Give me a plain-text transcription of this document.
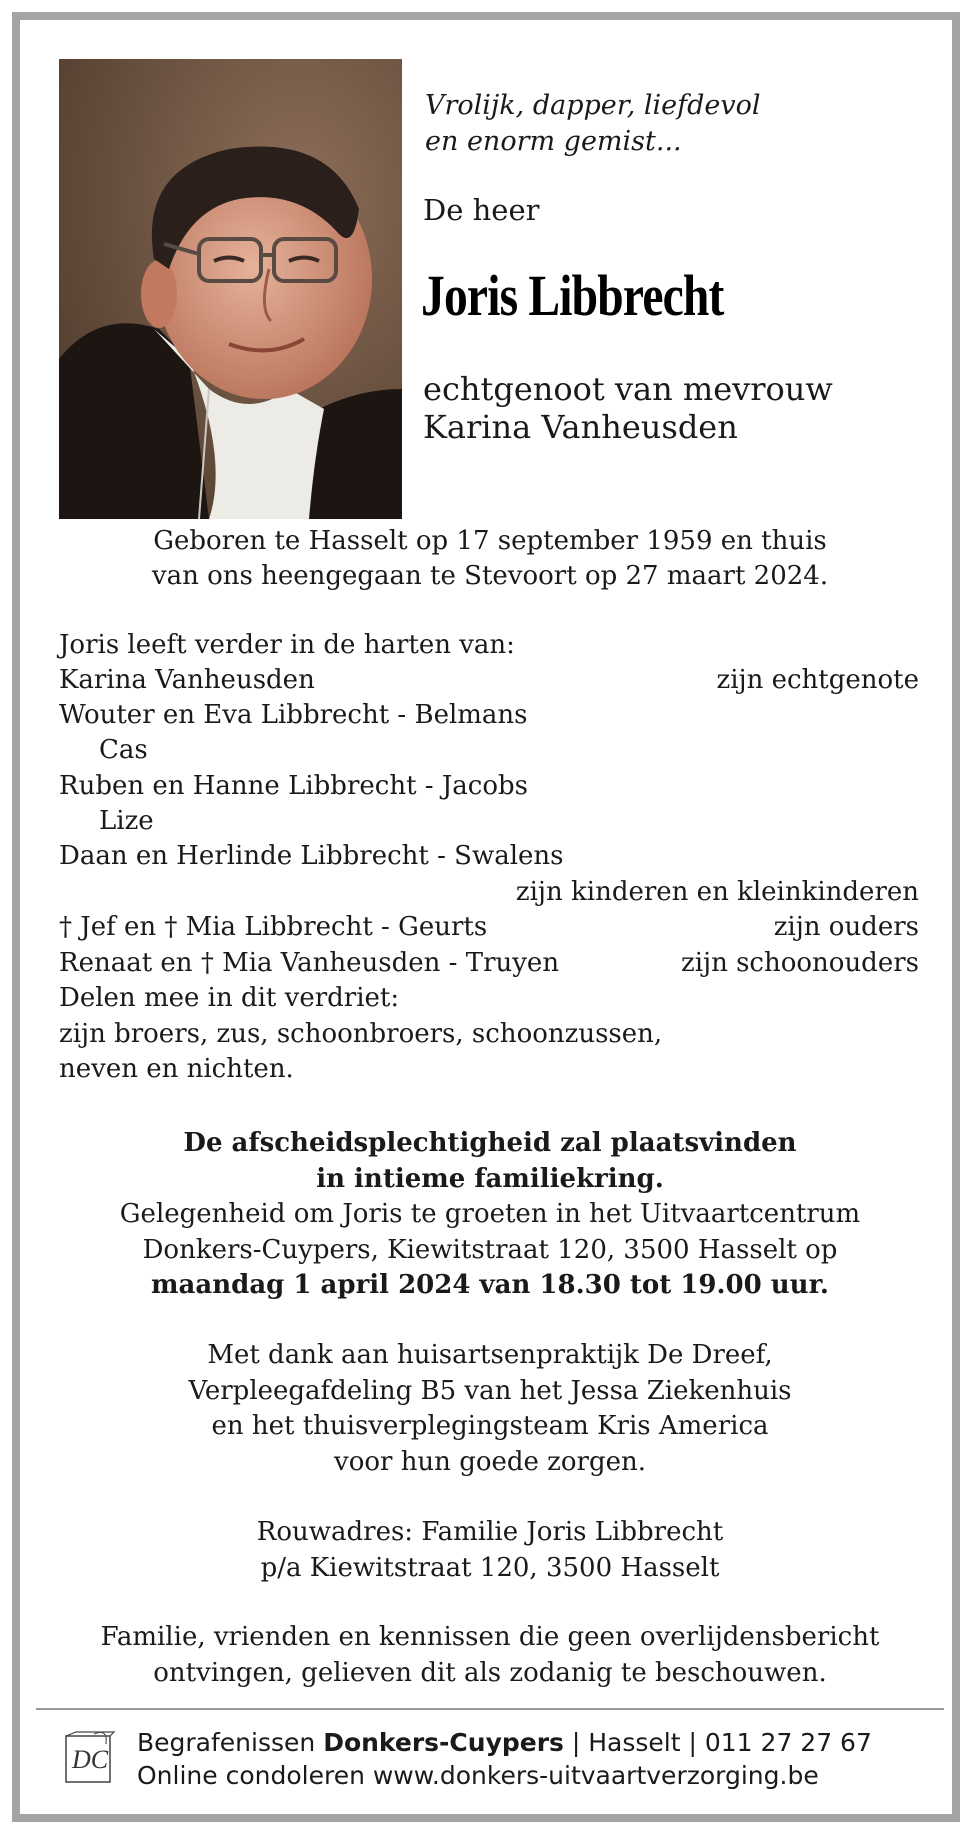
Vrolijk, dapper, liefdevol
en enorm gemist...
De heer
Joris Libbrecht
echtgenoot van mevrouw
Karina Vanheusden
Geboren te Hasselt op 17 september 1959 en thuis
van ons heengegaan te Stevoort op 27 maart 2024.
Joris leeft verder in de harten van:
Karina Vanheusden	zijn echtgenote
Wouter en Eva Libbrecht - Belmans
Cas
Ruben en Hanne Libbrecht - Jacobs
Lize
Daan en Herlinde Libbrecht - Swalens
zijn kinderen en kleinkinderen
† Jef en † Mia Libbrecht - Geurts	zijn ouders
Renaat en † Mia Vanheusden - Truyen	zijn schoonouders
Delen mee in dit verdriet:
zijn broers, zus, schoonbroers, schoonzussen,
neven en nichten.
De afscheidsplechtigheid zal plaatsvinden
in intieme familiekring.
Gelegenheid om Joris te groeten in het Uitvaartcentrum
Donkers-Cuypers, Kiewitstraat 120, 3500 Hasselt op
maandag 1 april 2024 van 18.30 tot 19.00 uur.
Met dank aan huisartsenpraktijk De Dreef,
Verpleegafdeling B5 van het Jessa Ziekenhuis
en het thuisverplegingsteam Kris America
voor hun goede zorgen.
Rouwadres: Familie Joris Libbrecht
p/a Kiewitstraat 120, 3500 Hasselt
Familie, vrienden en kennissen die geen overlijdensbericht
ontvingen, gelieven dit als zodanig te beschouwen.
DC
Begrafenissen Donkers-Cuypers | Hasselt | 011 27 27 67
Online condoleren www.donkers-uitvaartverzorging.be
